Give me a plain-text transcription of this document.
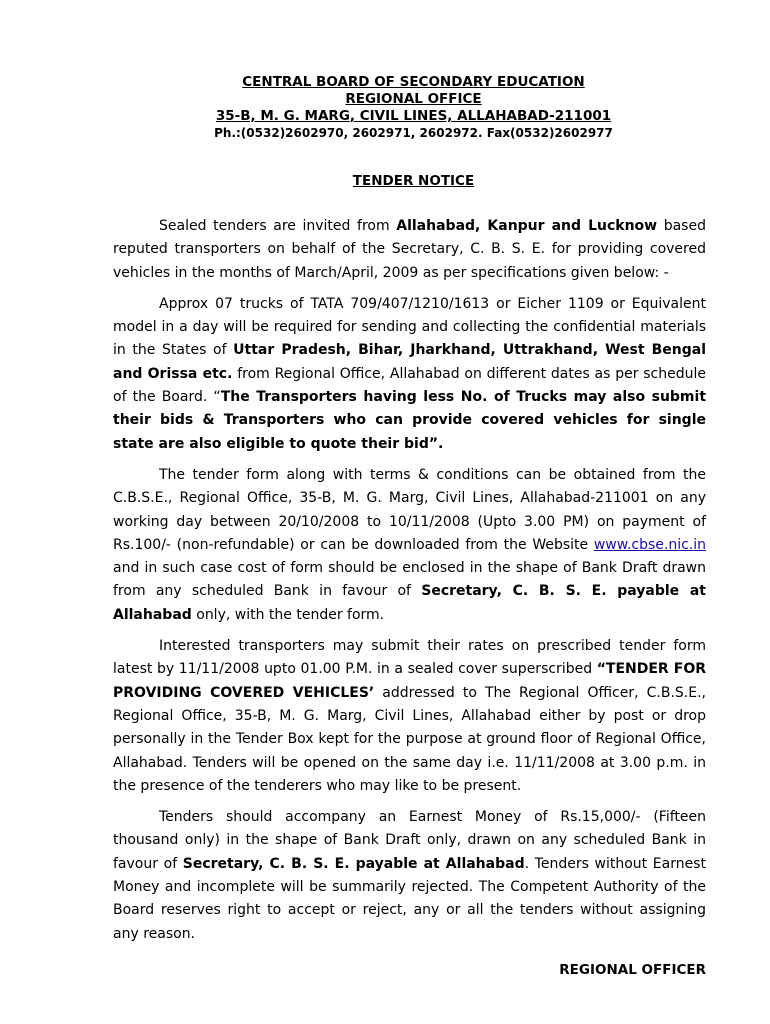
CENTRAL BOARD OF SECONDARY EDUCATION
REGIONAL OFFICE
35-B, M. G. MARG, CIVIL LINES, ALLAHABAD-211001
Ph.:(0532)2602970, 2602971, 2602972. Fax(0532)2602977
TENDER NOTICE

Sealed tenders are invited from Allahabad, Kanpur and Lucknow based reputed transporters on behalf of the Secretary, C. B. S. E. for providing covered vehicles in the months of March/April, 2009 as per specifications given below: -

Approx 07 trucks of TATA 709/407/1210/1613 or Eicher 1109 or Equivalent model in a day will be required for sending and collecting the confidential materials in the States of Uttar Pradesh, Bihar, Jharkhand, Uttrakhand, West Bengal and Orissa etc. from Regional Office, Allahabad on different dates as per schedule of the Board. “The Transporters having less No. of Trucks may also submit their bids & Transporters who can provide covered vehicles for single state are also eligible to quote their bid”.

The tender form along with terms & conditions can be obtained from the C.B.S.E., Regional Office, 35-B, M. G. Marg, Civil Lines, Allahabad-211001 on any working day between 20/10/2008 to 10/11/2008 (Upto 3.00 PM) on payment of Rs.100/- (non-refundable) or can be downloaded from the Website www.cbse.nic.in and in such case cost of form should be enclosed in the shape of Bank Draft drawn from any scheduled Bank in favour of Secretary, C. B. S. E. payable at Allahabad only, with the tender form.

Interested transporters may submit their rates on prescribed tender form latest by 11/11/2008 upto 01.00 P.M. in a sealed cover superscribed “TENDER FOR PROVIDING COVERED VEHICLES’ addressed to The Regional Officer, C.B.S.E., Regional Office, 35-B, M. G. Marg, Civil Lines, Allahabad either by post or drop personally in the Tender Box kept for the purpose at ground floor of Regional Office, Allahabad. Tenders will be opened on the same day i.e. 11/11/2008 at 3.00 p.m. in the presence of the tenderers who may like to be present.

Tenders should accompany an Earnest Money of Rs.15,000/- (Fifteen thousand only) in the shape of Bank Draft only, drawn on any scheduled Bank in favour of Secretary, C. B. S. E. payable at Allahabad. Tenders without Earnest Money and incomplete will be summarily rejected. The Competent Authority of the Board reserves right to accept or reject, any or all the tenders without assigning any reason.

REGIONAL OFFICER
